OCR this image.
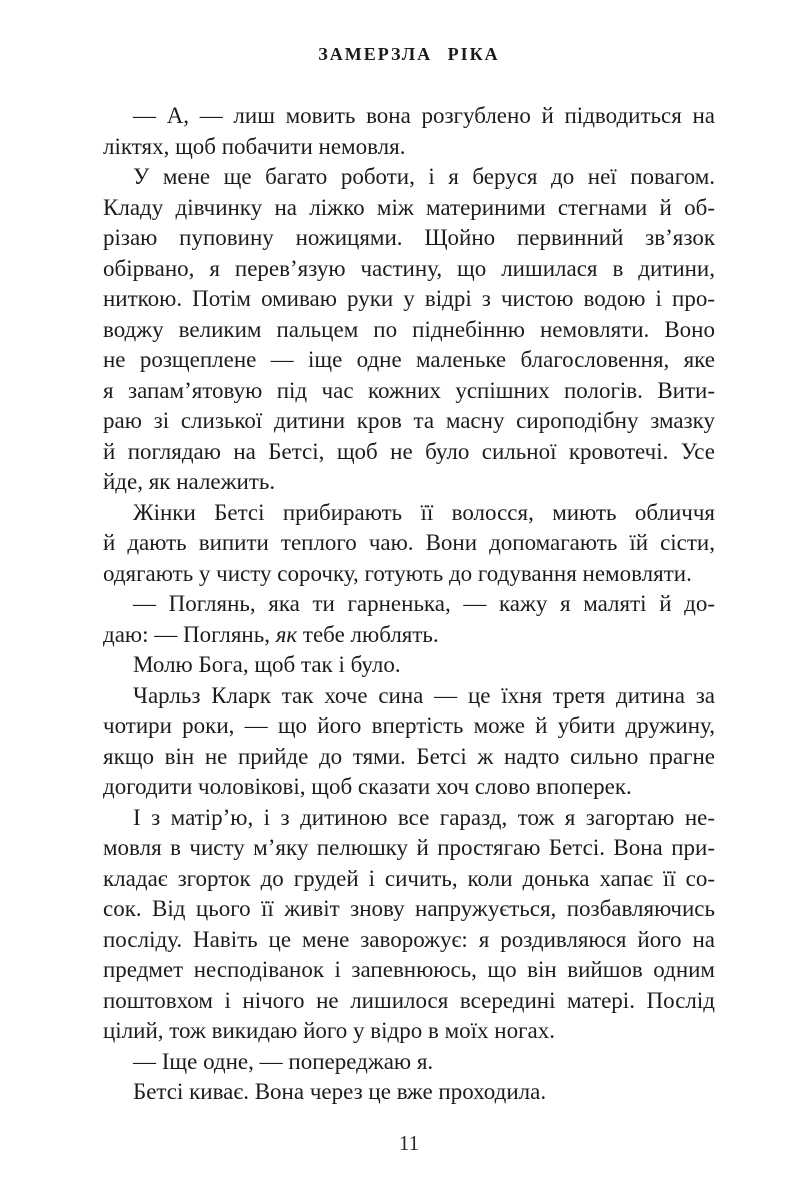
ЗАМЕРЗЛА РІКА
— А, — лиш мовить вона розгублено й підводиться на
ліктях, щоб побачити немовля.
У мене ще багато роботи, і я беруся до неї повагом.
Кладу дівчинку на ліжко між материними стегнами й об-
різаю пуповину ножицями. Щойно первинний зв’язок
обірвано, я перев’язую частину, що лишилася в дитини,
ниткою. Потім омиваю руки у відрі з чистою водою і про-
воджу великим пальцем по піднебінню немовляти. Воно
не розщеплене — іще одне маленьке благословення, яке
я запам’ятовую під час кожних успішних пологів. Вити-
раю зі слизької дитини кров та масну сироподібну змазку
й поглядаю на Бетсі, щоб не було сильної кровотечі. Усе
йде, як належить.
Жінки Бетсі прибирають її волосся, миють обличчя
й дають випити теплого чаю. Вони допомагають їй сісти,
одягають у чисту сорочку, готують до годування немовляти.
— Поглянь, яка ти гарненька, — кажу я маляті й до-
даю: — Поглянь, як тебе люблять.
Молю Бога, щоб так і було.
Чарльз Кларк так хоче сина — це їхня третя дитина за
чотири роки, — що його впертість може й убити дружину,
якщо він не прийде до тями. Бетсі ж надто сильно прагне
догодити чоловікові, щоб сказати хоч слово впоперек.
І з матір’ю, і з дитиною все гаразд, тож я загортаю не-
мовля в чисту м’яку пелюшку й простягаю Бетсі. Вона при-
кладає згорток до грудей і сичить, коли донька хапає її со-
сок. Від цього її живіт знову напружується, позбавляючись
посліду. Навіть це мене заворожує: я роздивляюся його на
предмет несподіванок і запевнююсь, що він вийшов одним
поштовхом і нічого не лишилося всередині матері. Послід
цілий, тож викидаю його у відро в моїх ногах.
— Іще одне, — попереджаю я.
Бетсі киває. Вона через це вже проходила.
11
